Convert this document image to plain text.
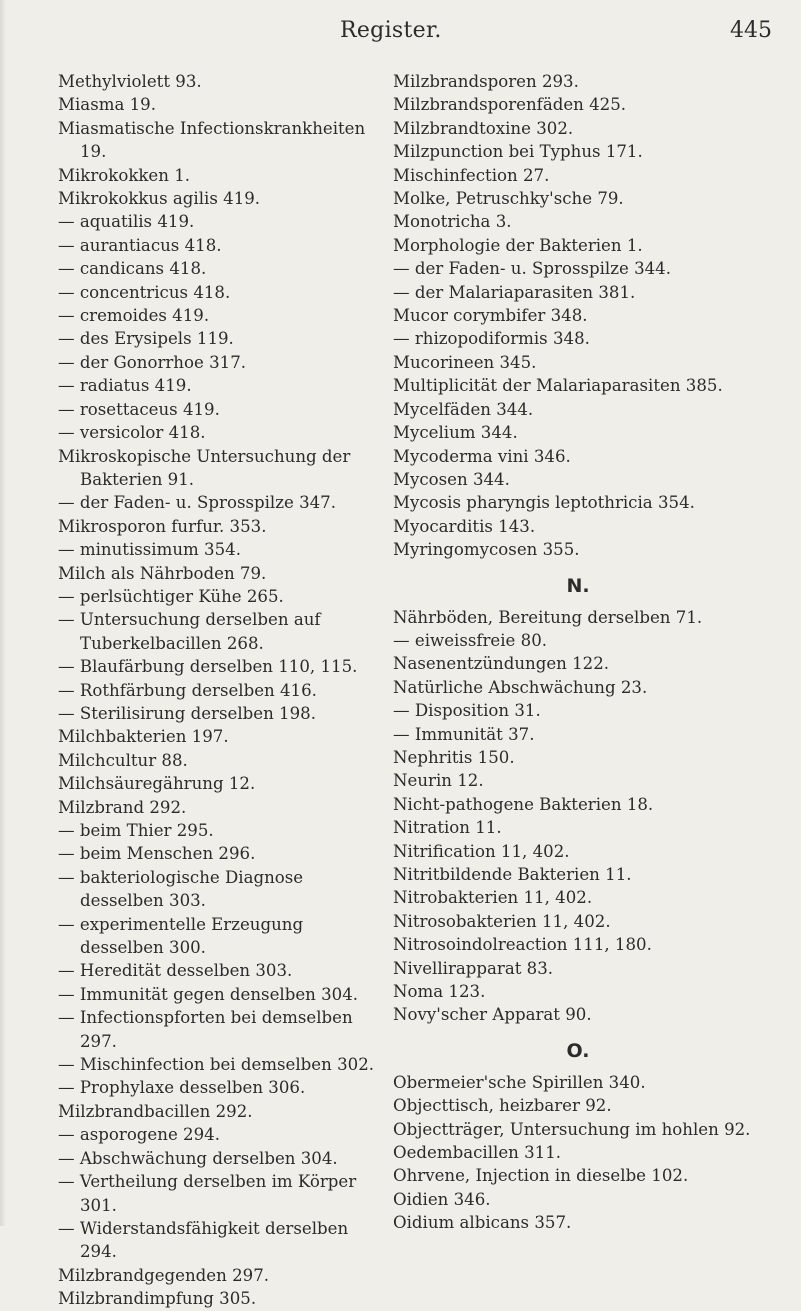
Register.	445
Methylviolett 93.
Miasma 19.
Miasmatische Infectionskrankheiten 19.
Mikrokokken 1.
Mikrokokkus agilis 419.
— aquatilis 419.
— aurantiacus 418.
— candicans 418.
— concentricus 418.
— cremoides 419.
— des Erysipels 119.
— der Gonorrhoe 317.
— radiatus 419.
— rosettaceus 419.
— versicolor 418.
Mikroskopische Untersuchung der Bakterien 91.
— der Faden- u. Sprosspilze 347.
Mikrosporon furfur. 353.
— minutissimum 354.
Milch als Nährboden 79.
— perlsüchtiger Kühe 265.
— Untersuchung derselben auf Tuberkelbacillen 268.
— Blaufärbung derselben 110, 115.
— Rothfärbung derselben 416.
— Sterilisirung derselben 198.
Milchbakterien 197.
Milchcultur 88.
Milchsäuregährung 12.
Milzbrand 292.
— beim Thier 295.
— beim Menschen 296.
— bakteriologische Diagnose desselben 303.
— experimentelle Erzeugung desselben 300.
— Heredität desselben 303.
— Immunität gegen denselben 304.
— Infectionspforten bei demselben 297.
— Mischinfection bei demselben 302.
— Prophylaxe desselben 306.
Milzbrandbacillen 292.
— asporogene 294.
— Abschwächung derselben 304.
— Vertheilung derselben im Körper 301.
— Widerstandsfähigkeit derselben 294.
Milzbrandgegenden 297.
Milzbrandimpfung 305.
Milzbrandsporen 293.
Milzbrandsporenfäden 425.
Milzbrandtoxine 302.
Milzpunction bei Typhus 171.
Mischinfection 27.
Molke, Petruschky'sche 79.
Monotricha 3.
Morphologie der Bakterien 1.
— der Faden- u. Sprosspilze 344.
— der Malariaparasiten 381.
Mucor corymbifer 348.
— rhizopodiformis 348.
Mucorineen 345.
Multiplicität der Malariaparasiten 385.
Mycelfäden 344.
Mycelium 344.
Mycoderma vini 346.
Mycosen 344.
Mycosis pharyngis leptothricia 354.
Myocarditis 143.
Myringomycosen 355.
N.
Nährböden, Bereitung derselben 71.
— eiweissfreie 80.
Nasenentzündungen 122.
Natürliche Abschwächung 23.
— Disposition 31.
— Immunität 37.
Nephritis 150.
Neurin 12.
Nicht-pathogene Bakterien 18.
Nitration 11.
Nitrification 11, 402.
Nitritbildende Bakterien 11.
Nitrobakterien 11, 402.
Nitrosobakterien 11, 402.
Nitrosoindolreaction 111, 180.
Nivellirapparat 83.
Noma 123.
Novy'scher Apparat 90.
O.
Obermeier'sche Spirillen 340.
Objecttisch, heizbarer 92.
Objectträger, Untersuchung im hohlen 92.
Oedembacillen 311.
Ohrvene, Injection in dieselbe 102.
Oidien 346.
Oidium albicans 357.
